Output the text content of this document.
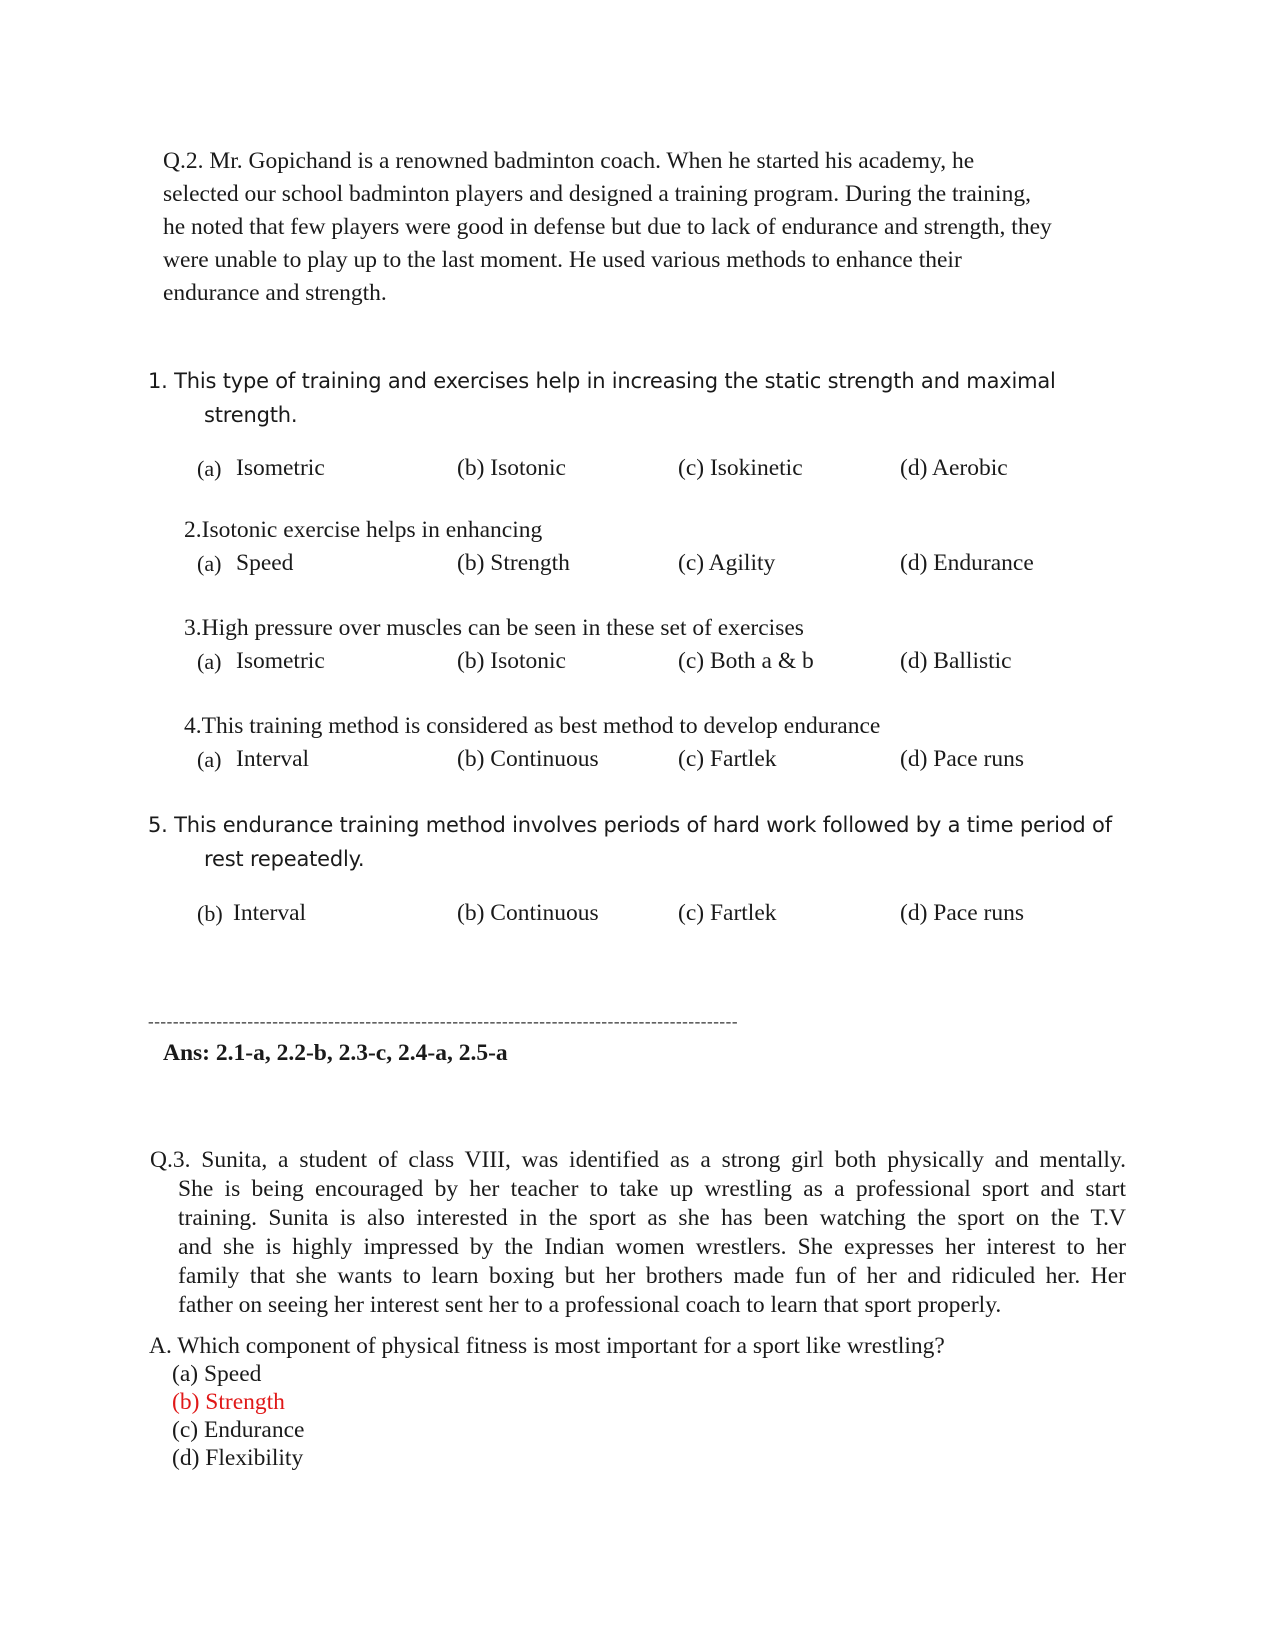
Q.2. Mr. Gopichand is a renowned badminton coach. When he started his academy, he
selected our school badminton players and designed a training program. During the training,
he noted that few players were good in defense but due to lack of endurance and strength, they
were unable to play up to the last moment. He used various methods to enhance their
endurance and strength.
1. This type of training and exercises help in increasing the static strength and maximal
strength.
(a) Isometric	(b) Isotonic	(c) Isokinetic	(d) Aerobic
2.Isotonic exercise helps in enhancing
(a) Speed	(b) Strength	(c) Agility	(d) Endurance
3.High pressure over muscles can be seen in these set of exercises
(a) Isometric	(b) Isotonic	(c) Both a & b	(d) Ballistic
4.This training method is considered as best method to develop endurance
(a) Interval	(b) Continuous	(c) Fartlek	(d) Pace runs
5. This endurance training method involves periods of hard work followed by a time period of
rest repeatedly.
(b) Interval	(b) Continuous	(c) Fartlek	(d) Pace runs
-----------------------------------------------------------------------------------------------
Ans: 2.1-a, 2.2-b, 2.3-c, 2.4-a, 2.5-a
Q.3. Sunita, a student of class VIII, was identified as a strong girl both physically and mentally.
She is being encouraged by her teacher to take up wrestling as a professional sport and start
training. Sunita is also interested in the sport as she has been watching the sport on the T.V
and she is highly impressed by the Indian women wrestlers. She expresses her interest to her
family that she wants to learn boxing but her brothers made fun of her and ridiculed her. Her
father on seeing her interest sent her to a professional coach to learn that sport properly.
A. Which component of physical fitness is most important for a sport like wrestling?
(a) Speed
(b) Strength
(c) Endurance
(d) Flexibility
